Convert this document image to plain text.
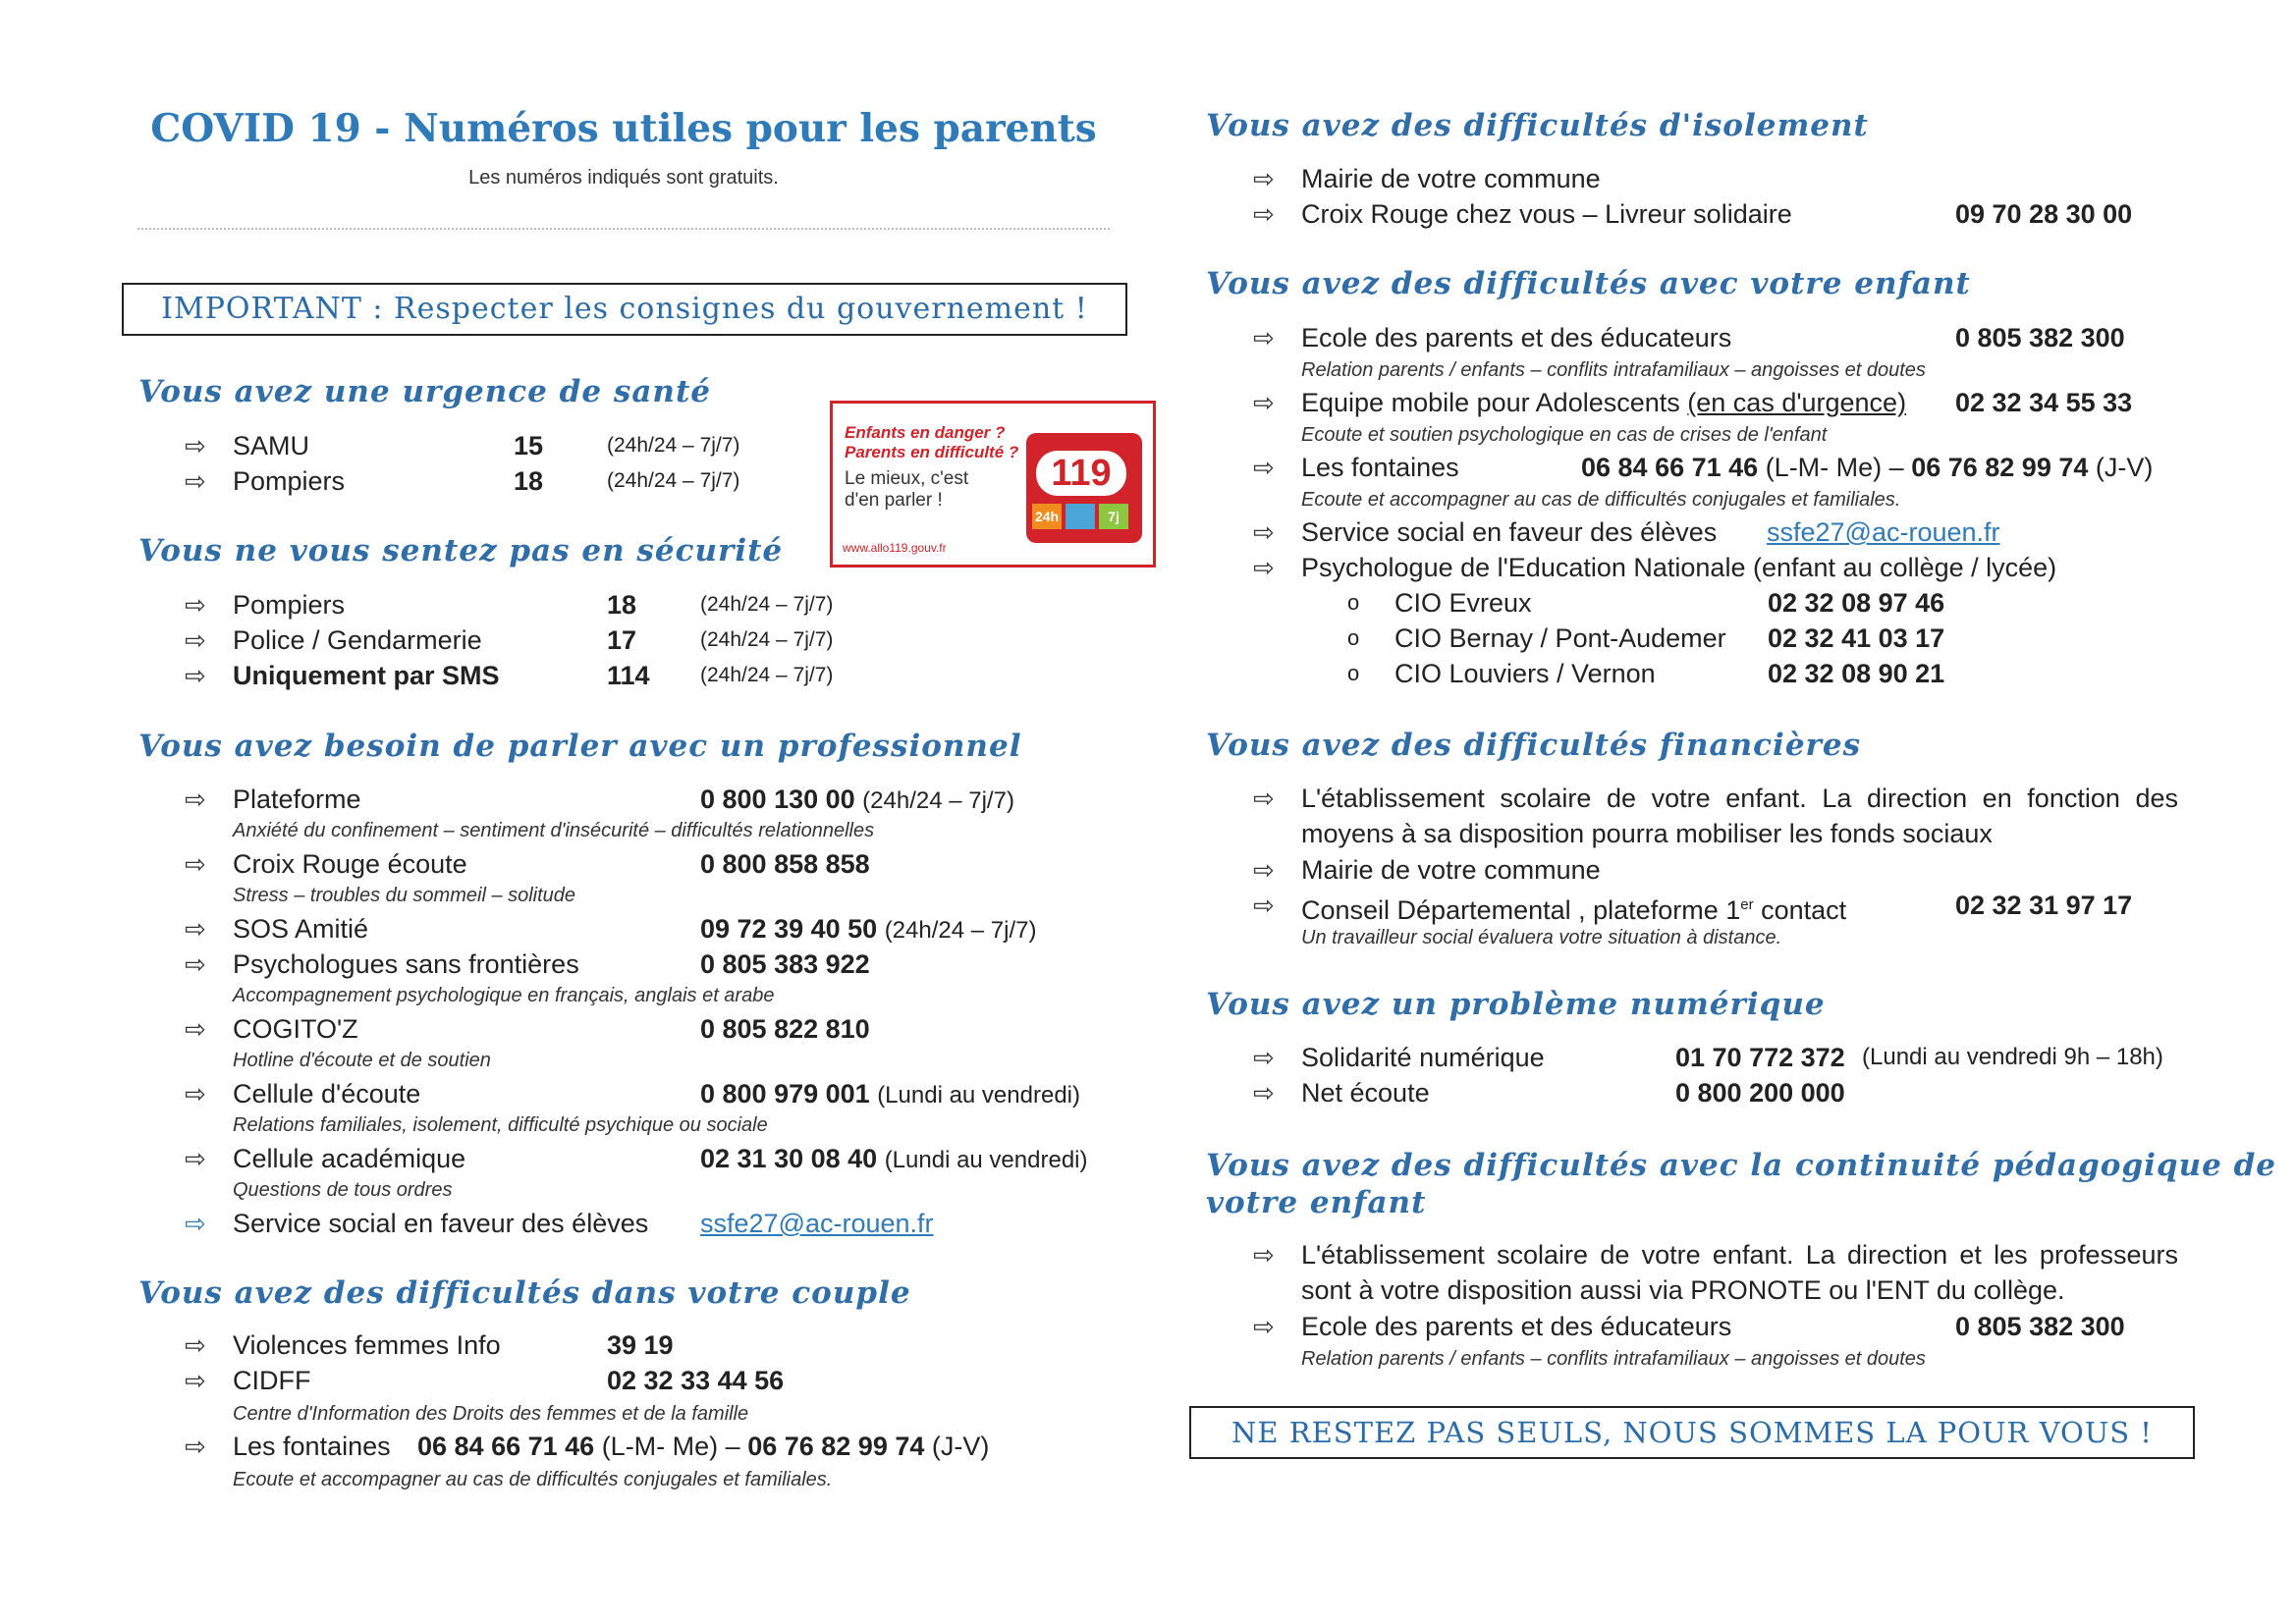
COVID 19 - Numéros utiles pour les parents
Les numéros indiqués sont gratuits.
IMPORTANT : Respecter les consignes du gouvernement !
Vous avez une urgence de santé
⇨ SAMU	15	(24h/24 – 7j/7)
⇨ Pompiers	18	(24h/24 – 7j/7)
Enfants en danger ?
Parents en difficulté ?
Le mieux, c'est
d'en parler !
119
24h	7j
www.allo119.gouv.fr
Vous ne vous sentez pas en sécurité
⇨ Pompiers	18	(24h/24 – 7j/7)
⇨ Police / Gendarmerie	17	(24h/24 – 7j/7)
⇨ Uniquement par SMS	114 (24h/24 – 7j/7)
Vous avez besoin de parler avec un professionnel
⇨ Plateforme	0 800 130 00 (24h/24 – 7j/7)
Anxiété du confinement – sentiment d'insécurité – difficultés relationnelles
⇨ Croix Rouge écoute	0 800 858 858
Stress – troubles du sommeil – solitude
⇨ SOS Amitié	09 72 39 40 50 (24h/24 – 7j/7)
⇨ Psychologues sans frontières	0 805 383 922
Accompagnement psychologique en français, anglais et arabe
⇨ COGITO'Z	0 805 822 810
Hotline d'écoute et de soutien
⇨ Cellule d'écoute	0 800 979 001 (Lundi au vendredi)
Relations familiales, isolement, difficulté psychique ou sociale
⇨ Cellule académique	02 31 30 08 40 (Lundi au vendredi)
Questions de tous ordres
⇨ Service social en faveur des élèves ssfe27@ac-rouen.fr
Vous avez des difficultés dans votre couple
⇨ Violences femmes Info	39 19
⇨ CIDFF	02 32 33 44 56
Centre d'Information des Droits des femmes et de la famille
⇨ Les fontaines 06 84 66 71 46 (L-M- Me) – 06 76 82 99 74 (J-V)
Ecoute et accompagner au cas de difficultés conjugales et familiales.
Vous avez des difficultés d'isolement
⇨ Mairie de votre commune
⇨ Croix Rouge chez vous – Livreur solidaire	09 70 28 30 00
Vous avez des difficultés avec votre enfant
⇨ Ecole des parents et des éducateurs	0 805 382 300
Relation parents / enfants – conflits intrafamiliaux – angoisses et doutes
⇨ Equipe mobile pour Adolescents (en cas d'urgence) 02 32 34 55 33
Ecoute et soutien psychologique en cas de crises de l'enfant
⇨ Les fontaines	06 84 66 71 46 (L-M- Me) – 06 76 82 99 74 (J-V)
Ecoute et accompagner au cas de difficultés conjugales et familiales.
⇨ Service social en faveur des élèves ssfe27@ac-rouen.fr
⇨ Psychologue de l'Education Nationale (enfant au collège / lycée)
o CIO Evreux	02 32 08 97 46
o CIO Bernay / Pont-Audemer 02 32 41 03 17
o CIO Louviers / Vernon	02 32 08 90 21
Vous avez des difficultés financières
⇨ L'établissement scolaire de votre enfant. La direction en fonction des moyens à sa disposition pourra mobiliser les fonds sociaux
⇨ Mairie de votre commune
⇨ Conseil Départemental , plateforme 1er contact	02 32 31 97 17
Un travailleur social évaluera votre situation à distance.
Vous avez un problème numérique
⇨ Solidarité numérique	01 70 772 372 (Lundi au vendredi 9h – 18h)
⇨ Net écoute	0 800 200 000
Vous avez des difficultés avec la continuité pédagogique de
votre enfant
⇨ L'établissement scolaire de votre enfant. La direction et les professeurs sont à votre disposition aussi via PRONOTE ou l'ENT du collège.
⇨ Ecole des parents et des éducateurs	0 805 382 300
Relation parents / enfants – conflits intrafamiliaux – angoisses et doutes
NE RESTEZ PAS SEULS, NOUS SOMMES LA POUR VOUS !
